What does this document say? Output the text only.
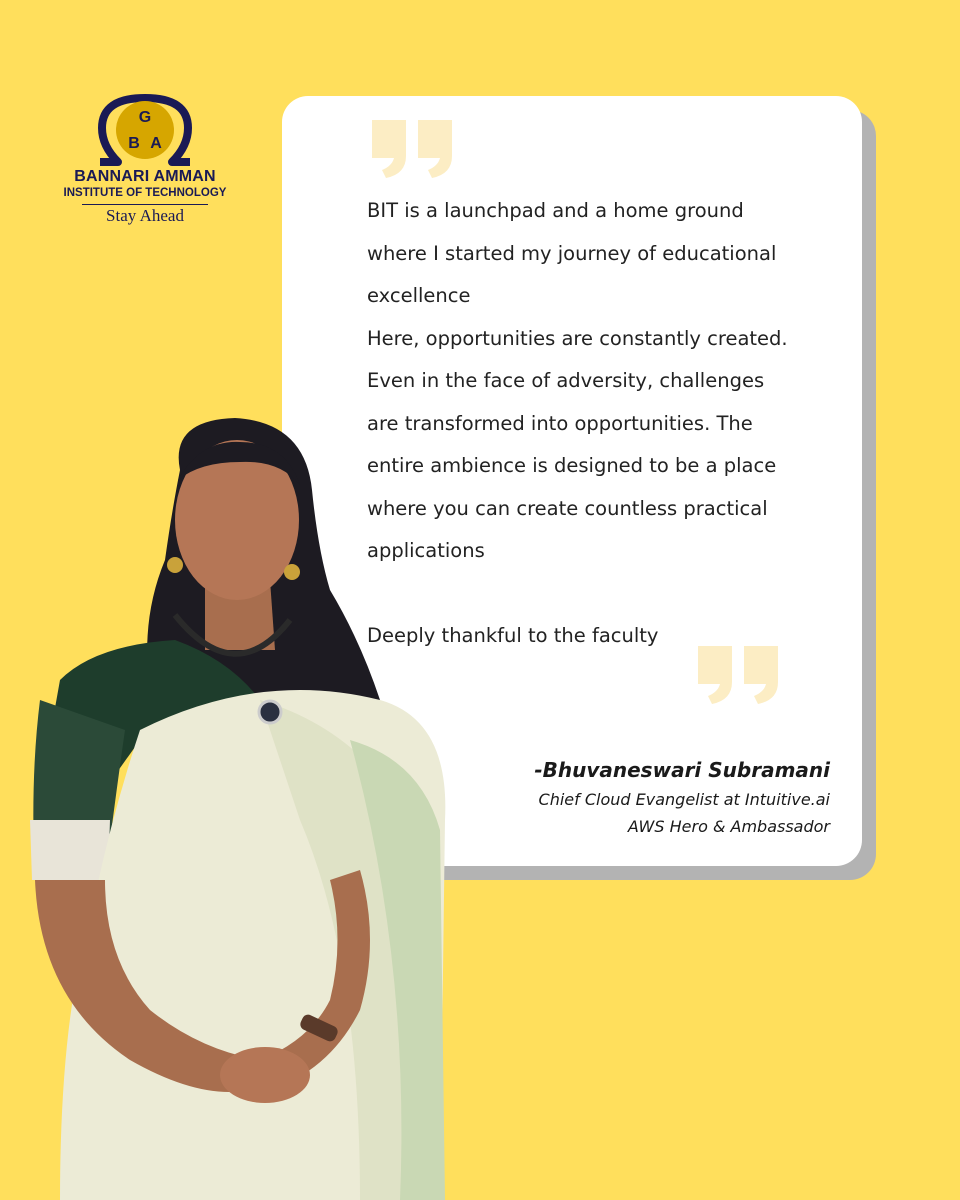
G
B A
BANNARI AMMAN
INSTITUTE OF TECHNOLOGY
Stay Ahead	BIT is a launchpad and a home ground

where I started my journey of educational

excellence

Here, opportunities are constantly created.

Even in the face of adversity, challenges

are transformed into opportunities. The

entire ambience is designed to be a place

where you can create countless practical

applications

Deeply thankful to the faculty

-Bhuvaneswari Subramani
Chief Cloud Evangelist at Intuitive.ai
AWS Hero & Ambassador
